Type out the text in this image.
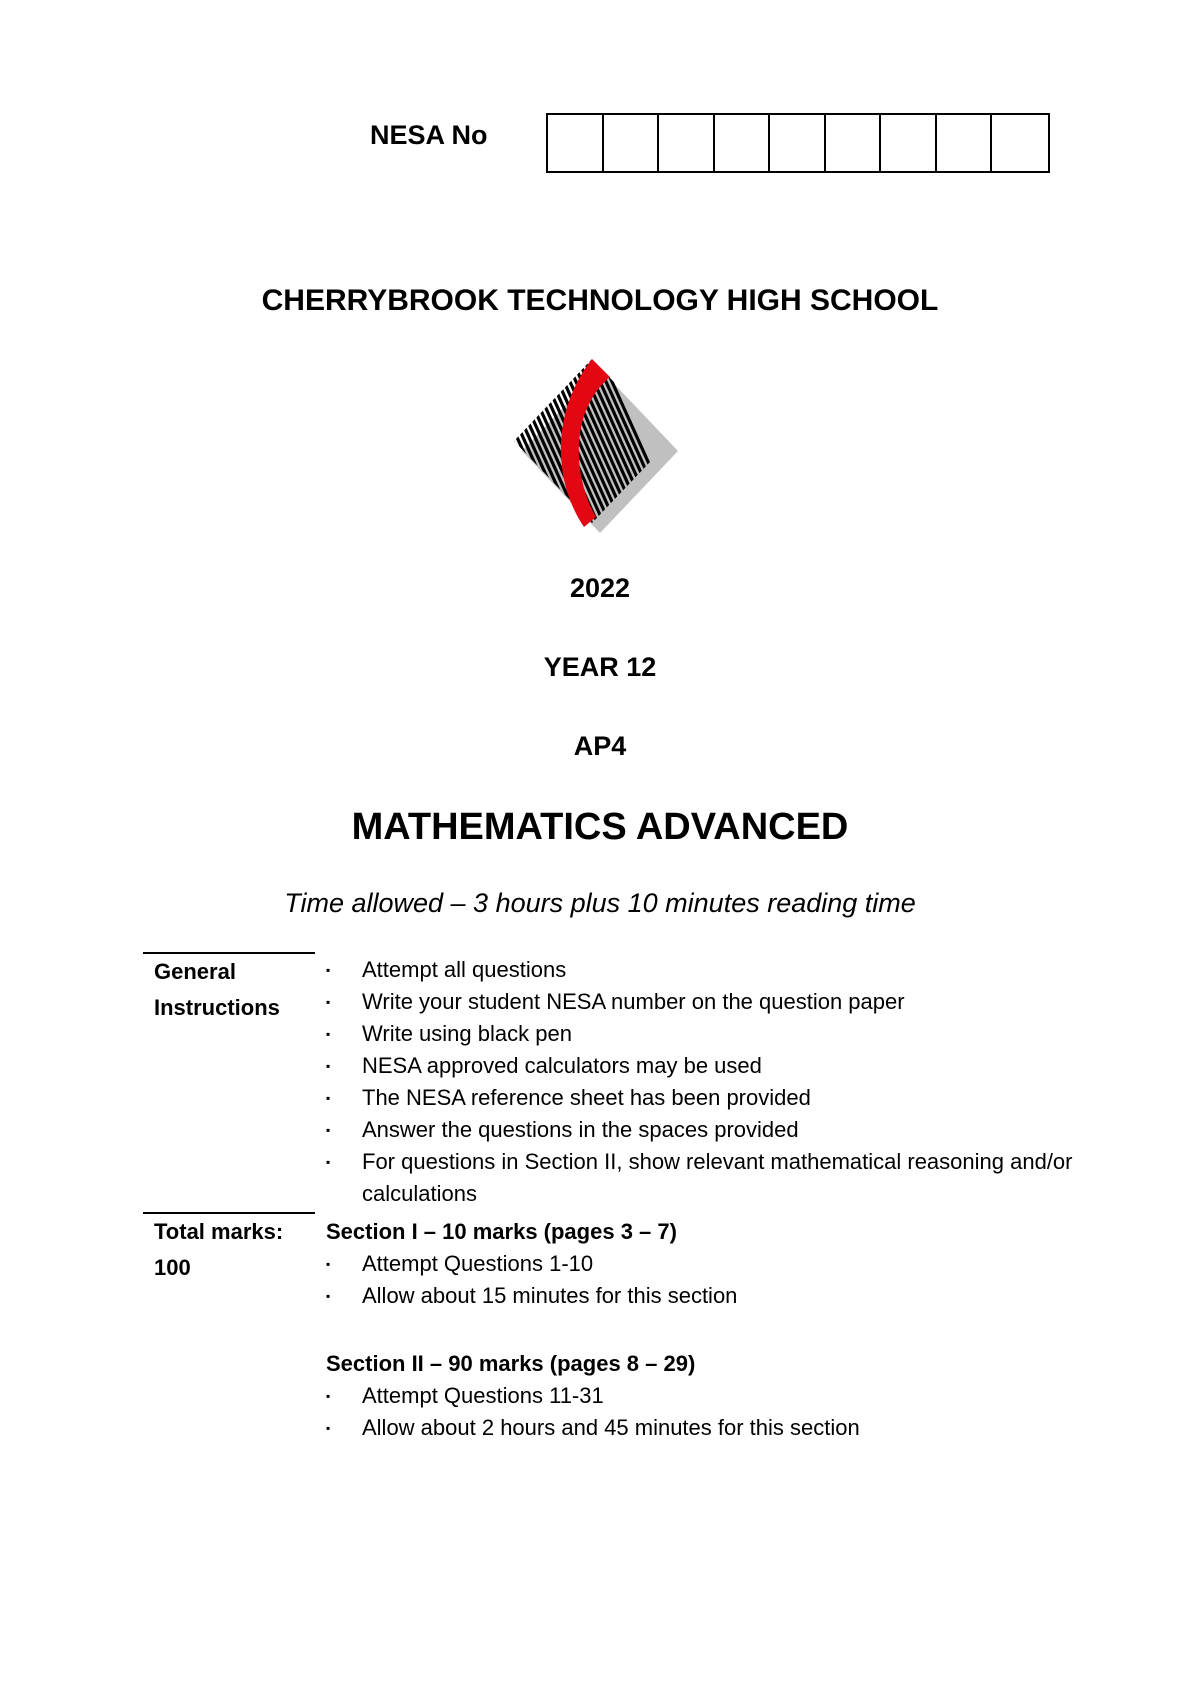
NESA No
CHERRYBROOK TECHNOLOGY HIGH SCHOOL
2022
YEAR 12
AP4
MATHEMATICS ADVANCED
Time allowed – 3 hours plus 10 minutes reading time
General Instructions
▪ Attempt all questions
▪ Write your student NESA number on the question paper
▪ Write using black pen
▪ NESA approved calculators may be used
▪ The NESA reference sheet has been provided
▪ Answer the questions in the spaces provided
▪ For questions in Section II, show relevant mathematical reasoning and/or calculations
Total marks: 100
Section I – 10 marks (pages 3 – 7)
▪ Attempt Questions 1-10
▪ Allow about 15 minutes for this section
Section II – 90 marks (pages 8 – 29)
▪ Attempt Questions 11-31
▪ Allow about 2 hours and 45 minutes for this section
